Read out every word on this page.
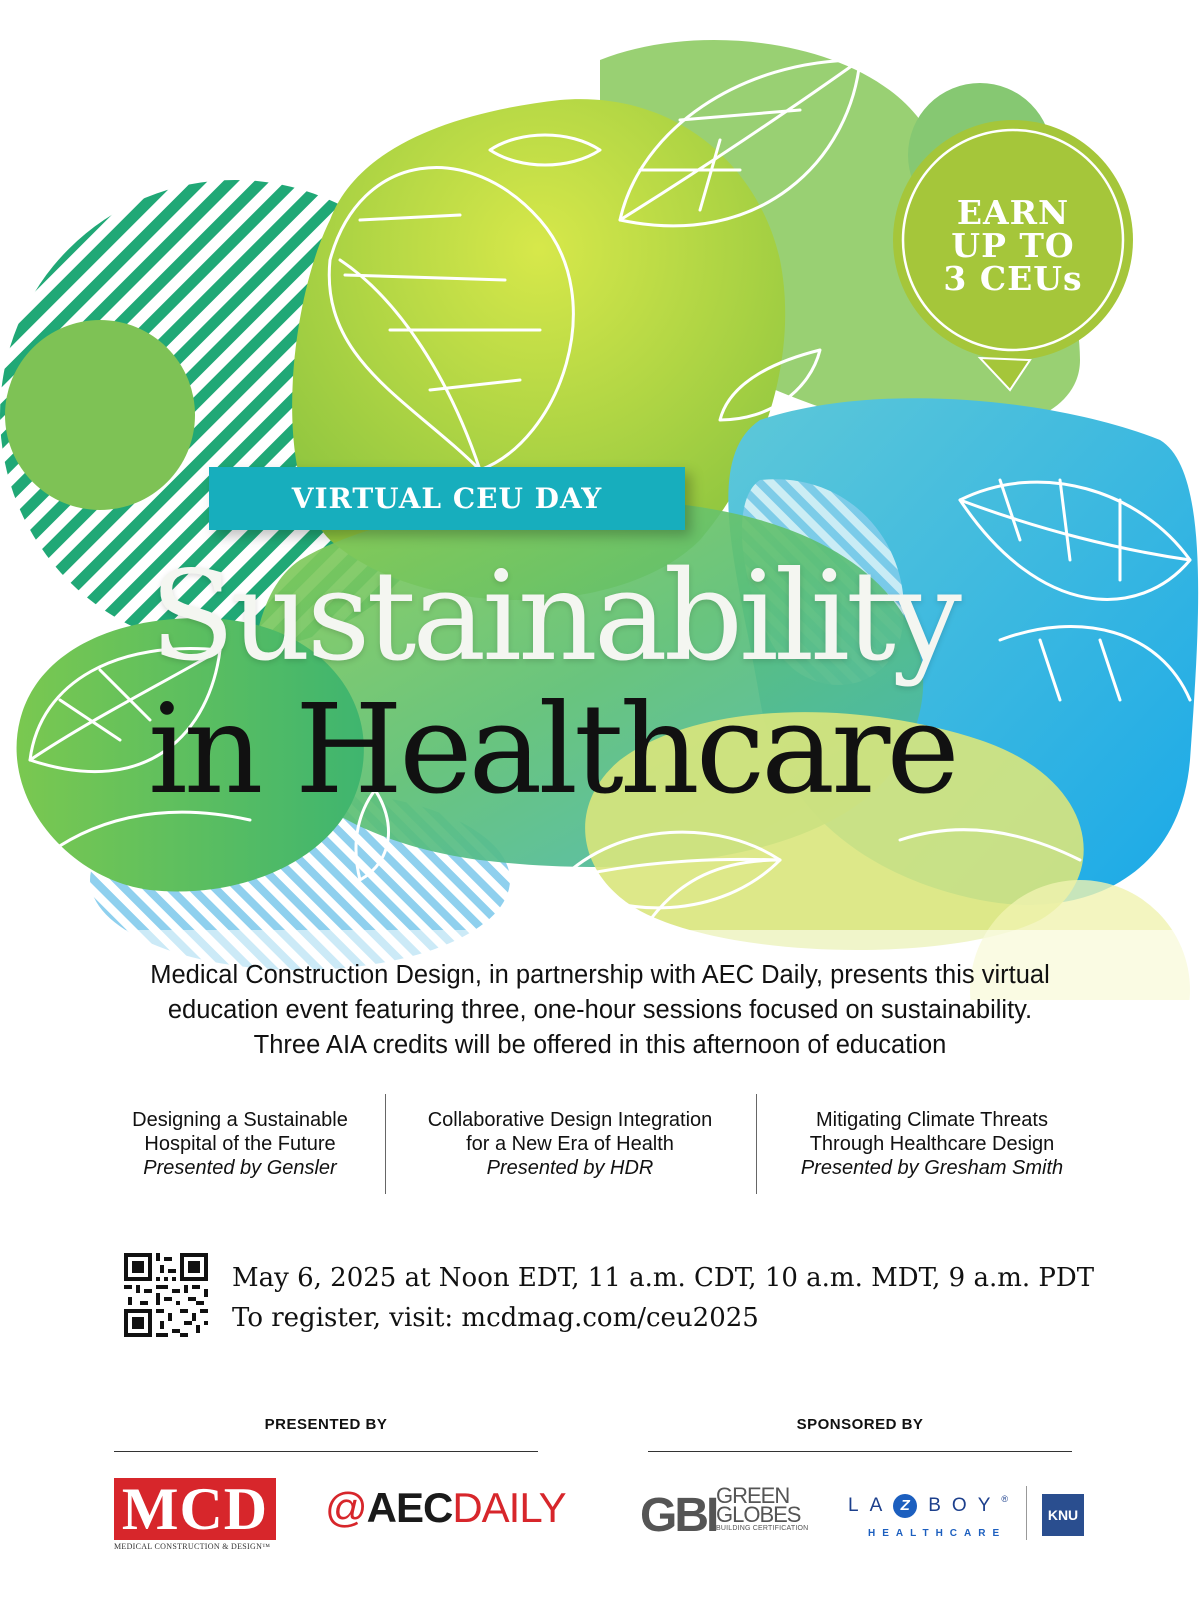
EARN
UP TO
3 CEUs
VIRTUAL CEU DAY
Sustainability
in Healthcare
Medical Construction Design, in partnership with AEC Daily, presents this virtual
education event featuring three, one-hour sessions focused on sustainability.
Three AIA credits will be offered in this afternoon of education
Designing a Sustainable
Hospital of the Future
Presented by Gensler
Collaborative Design Integration
for a New Era of Health
Presented by HDR
Mitigating Climate Threats
Through Healthcare Design
Presented by Gresham Smith
May 6, 2025 at Noon EDT, 11 a.m. CDT, 10 a.m. MDT, 9 a.m. PDT
To register, visit: mcdmag.com/ceu2025
PRESENTED BY	SPONSORED BY
MCD
MEDICAL CONSTRUCTION & DESIGN™
@AECDAILY GBI GREEN
GLOBES
BUILDING CERTIFICATION
LA Z BOY®
HEALTHCARE
KNU
